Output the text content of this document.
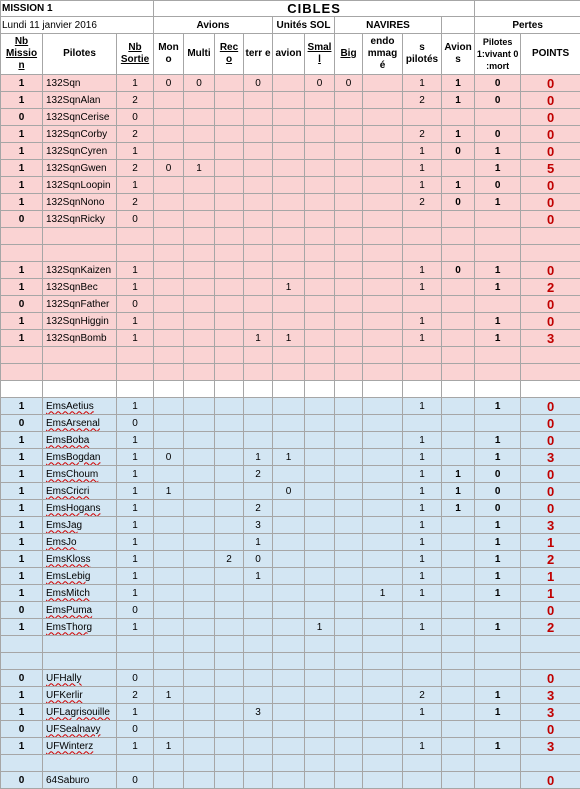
MISSION 1			CIBLES												
Lundi 11 janvier 2016			Avions				Unités SOL		NAVIRES				Pertes		
Nb Missio n	Pilotes	Nb Sortie	Mon o	Multi	Rec o	terr e	avion	Smal l	Big	endo mmag é	s pilotés	Avion s	Pilotes 1:vivant 0 :mort	POINTS	
1	132Sqn	1	0	0		0		0	0		1	1	0	0	
1	132SqnAlan	2									2	1	0	0	
0	132SqnCerise	0												0	
1	132SqnCorby	2									2	1	0	0	
1	132SqnCyren	1									1	0	1	0	
1	132SqnGwen	2	0	1							1		1	5	
1	132SqnLoopin	1									1	1	0	0	
1	132SqnNono	2									2	0	1	0	
0	132SqnRicky	0												0	

1	132SqnKaizen	1									1	0	1	0	
1	132SqnBec	1					1				1		1	2	
0	132SqnFather	0												0	
1	132SqnHiggin	1									1		1	0	
1	132SqnBomb	1				1	1				1		1	3	

1	EmsAetius	1									1		1	0	
0	EmsArsenal	0												0	
1	EmsBoba	1									1		1	0	
1	EmsBogdan	1	0			1	1				1		1	3	
1	EmsChoum	1				2					1	1	0	0	
1	EmsCricri	1	1				0				1	1	0	0	
1	EmsHogans	1				2					1	1	0	0	
1	EmsJag	1				3					1		1	3	
1	EmsJo	1				1					1		1	1	
1	EmsKloss	1			2	0					1		1	2	
1	EmsLebig	1				1					1		1	1	
1	EmsMitch	1								1	1		1	1	
0	EmsPuma	0												0	
1	EmsThorg	1						1			1		1	2	

0	UFHally	0												0	
1	UFKerlir	2	1								2		1	3	
1	UFLagrisouille	1				3					1		1	3	
0	UFSealnavy	0												0	
1	UFWinterz	1	1								1		1	3	

0	64Saburo	0												0	
